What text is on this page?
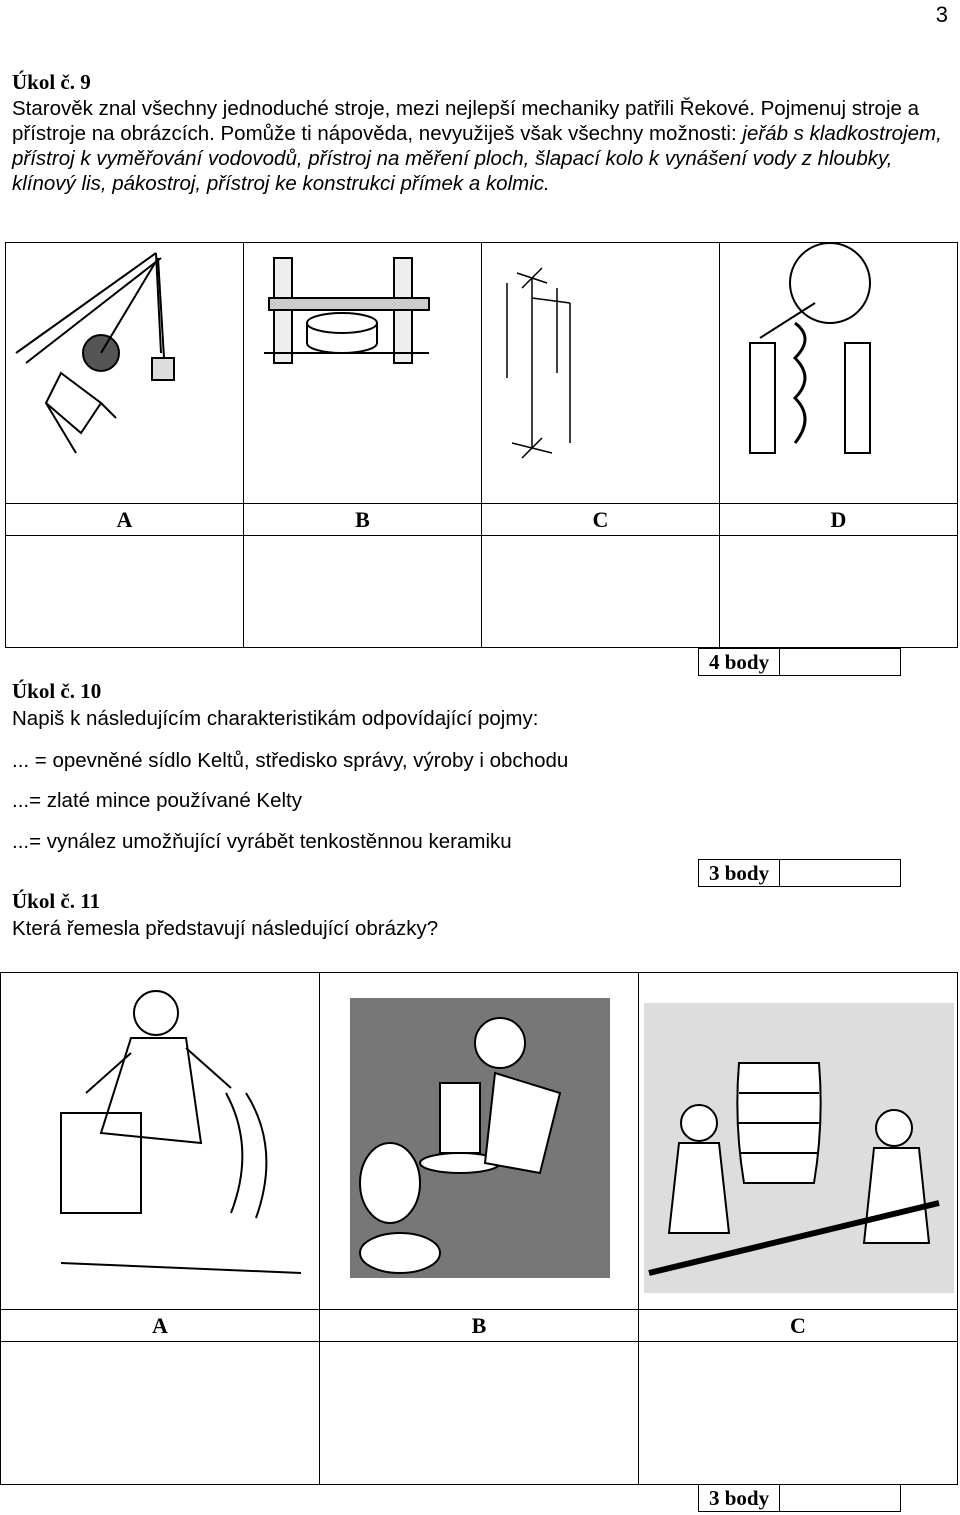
3
Úkol č. 9
Starověk znal všechny jednoduché stroje, mezi nejlepší mechaniky patřili Řekové. Pojmenuj stroje a přístroje na obrázcích. Pomůže ti nápověda, nevyužiješ však všechny možnosti: jeřáb s kladkostrojem, přístroj k vyměřování vodovodů, přístroj na měření ploch, šlapací kolo k vynášení vody z hloubky, klínový lis, pákostroj, přístroj ke konstrukci přímek a kolmic.

A	B	C	D

4 body	
Úkol č. 10
Napiš k následujícím charakteristikám odpovídající pojmy:
... = opevněné sídlo Keltů, středisko správy, výroby i obchodu
...= zlaté mince používané Kelty
...= vynález umožňující vyrábět tenkostěnnou keramiku
3 body	
Úkol č. 11
Která řemesla představují následující obrázky?

A	B	C

3 body	
